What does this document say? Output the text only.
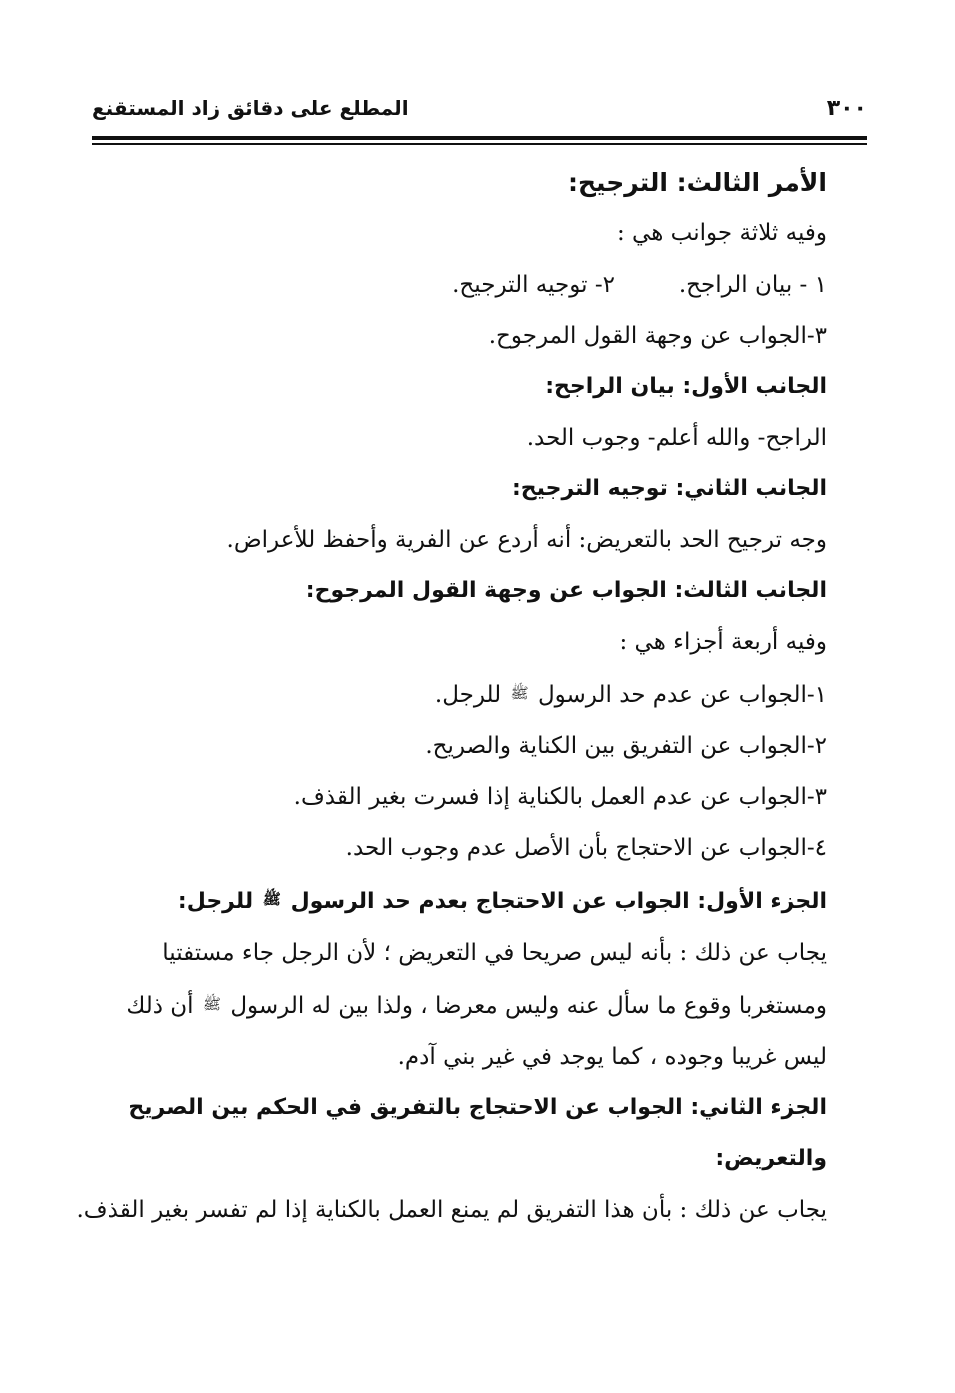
٣٠٠
المطلع على دقائق زاد المستقنع

الأمر الثالث: الترجيح:

وفيه ثلاثة جوانب هي :

١ - بيان الراجح.
٢- توجيه الترجيح.

٣-الجواب عن وجهة القول المرجوح.

الجانب الأول: بيان الراجح:

الراجح- والله أعلم- وجوب الحد.

الجانب الثاني: توجيه الترجيح:

وجه ترجيح الحد بالتعريض: أنه أردع عن الفرية وأحفظ للأعراض.

الجانب الثالث: الجواب عن وجهة القول المرجوح:

وفيه أربعة أجزاء هي :

١-الجواب عن عدم حد الرسول ﷺ للرجل.

٢-الجواب عن التفريق بين الكناية والصريح.

٣-الجواب عن عدم العمل بالكناية إذا فسرت بغير القذف.

٤-الجواب عن الاحتجاج بأن الأصل عدم وجوب الحد.

الجزء الأول: الجواب عن الاحتجاج بعدم حد الرسول ﷺ للرجل:

يجاب عن ذلك : بأنه ليس صريحا في التعريض ؛ لأن الرجل جاء مستفتيا

ومستغربا وقوع ما سأل عنه وليس معرضا ، ولذا بين له الرسول ﷺ أن ذلك

ليس غريبا وجوده ، كما يوجد في غير بني آدم.

الجزء الثاني: الجواب عن الاحتجاج بالتفريق في الحكم بين الصريح

والتعريض:

يجاب عن ذلك : بأن هذا التفريق لم يمنع العمل بالكناية إذا لم تفسر بغير القذف.
